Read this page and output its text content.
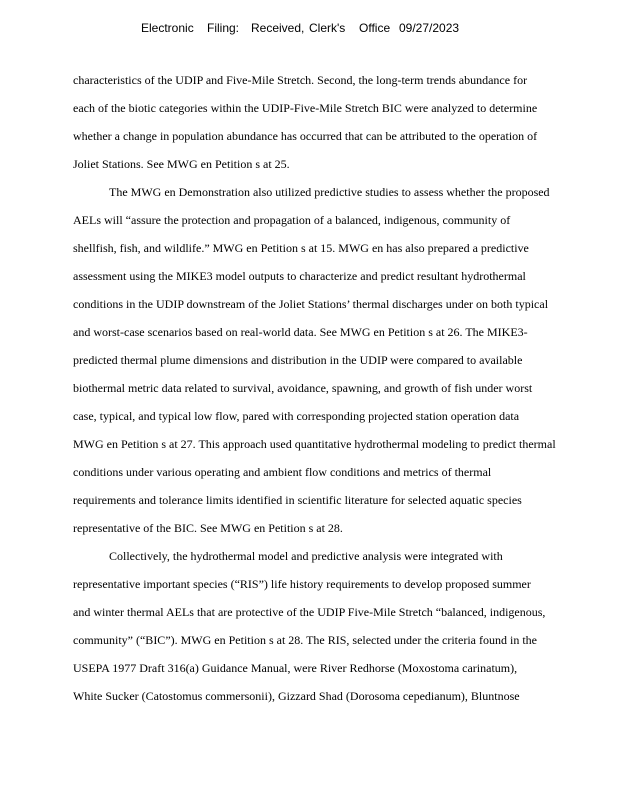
Electronic Filing: Received, Clerk's Office 09/27/2023
characteristics of the UDIP and Five-Mile Stretch. Second, the long-term trends abundance for
each of the biotic categories within the UDIP-Five-Mile Stretch BIC were analyzed to determine
whether a change in population abundance has occurred that can be attributed to the operation of
Joliet Stations. See MWG en Petition s at 25.
The MWG en Demonstration also utilized predictive studies to assess whether the proposed
AELs will “assure the protection and propagation of a balanced, indigenous, community of
shellfish, fish, and wildlife.” MWG en Petition s at 15. MWG en has also prepared a predictive
assessment using the MIKE3 model outputs to characterize and predict resultant hydrothermal
conditions in the UDIP downstream of the Joliet Stations’ thermal discharges under on both typical
and worst-case scenarios based on real-world data. See MWG en Petition s at 26. The MIKE3-
predicted thermal plume dimensions and distribution in the UDIP were compared to available
biothermal metric data related to survival, avoidance, spawning, and growth of fish under worst
case, typical, and typical low flow, pared with corresponding projected station operation data
MWG en Petition s at 27. This approach used quantitative hydrothermal modeling to predict thermal
conditions under various operating and ambient flow conditions and metrics of thermal
requirements and tolerance limits identified in scientific literature for selected aquatic species
representative of the BIC. See MWG en Petition s at 28.
Collectively, the hydrothermal model and predictive analysis were integrated with
representative important species (“RIS”) life history requirements to develop proposed summer
and winter thermal AELs that are protective of the UDIP Five-Mile Stretch “balanced, indigenous,
community” (“BIC”). MWG en Petition s at 28. The RIS, selected under the criteria found in the
USEPA 1977 Draft 316(a) Guidance Manual, were River Redhorse (Moxostoma carinatum),
White Sucker (Catostomus commersonii), Gizzard Shad (Dorosoma cepedianum), Bluntnose
